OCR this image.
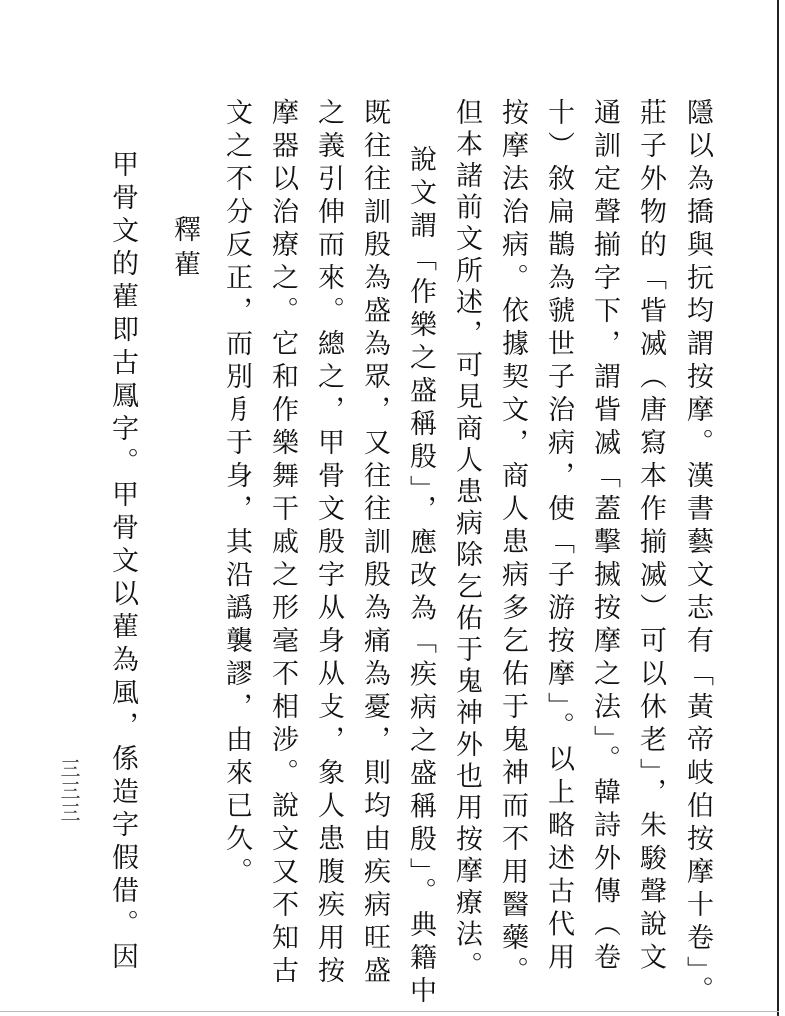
隱以為撟與抏均謂按摩。漢書藝文志有「黃帝岐伯按摩十卷」。
莊子外物的「眥㓕（唐寫本作揃㓕）可以休老」，朱駿聲說文
通訓定聲揃字下，謂眥㓕「蓋擊搣按摩之法」。韓詩外傳（卷
十）敘扁鵲為虢世子治病，使「子游按摩」。以上略述古代用
按摩法治病。依據契文，商人患病多乞佑于鬼神而不用醫藥。
但本諸前文所述，可見商人患病除乞佑于鬼神外也用按摩療法。
說文謂「作樂之盛稱殷」，應改為「疾病之盛稱殷」。典籍中
既往往訓殷為盛為眾，又往往訓殷為痛為憂，則均由疾病旺盛
之義引伸而來。總之，甲骨文殷字从身从攴，象人患腹疾用按
摩器以治療之。它和作樂舞干戚之形毫不相涉。說文又不知古
文之不分反正，而別㐆于身，其沿譌襲謬，由來已久。
釋雚
甲骨文的雚即古鳳字。甲骨文以雚為風，係造字假借。因
三三三
